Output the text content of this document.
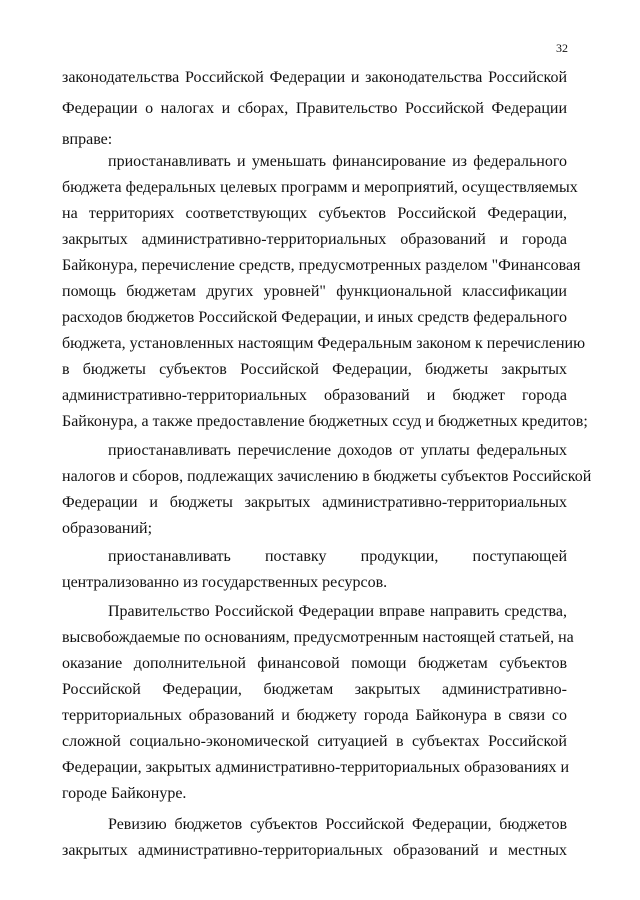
32
законодательства Российской Федерации и законодательства Российской
Федерации о налогах и сборах, Правительство Российской Федерации
вправе:
приостанавливать и уменьшать финансирование из федерального
бюджета федеральных целевых программ и мероприятий, осуществляемых
на территориях соответствующих субъектов Российской Федерации,
закрытых административно-территориальных образований и города
Байконура, перечисление средств, предусмотренных разделом "Финансовая
помощь бюджетам других уровней" функциональной классификации
расходов бюджетов Российской Федерации, и иных средств федерального
бюджета, установленных настоящим Федеральным законом к перечислению
в бюджеты субъектов Российской Федерации, бюджеты закрытых
административно-территориальных образований и бюджет города
Байконура, а также предоставление бюджетных ссуд и бюджетных кредитов;
приостанавливать перечисление доходов от уплаты федеральных
налогов и сборов, подлежащих зачислению в бюджеты субъектов Российской
Федерации и бюджеты закрытых административно-территориальных
образований;
приостанавливать поставку продукции, поступающей
централизованно из государственных ресурсов.
Правительство Российской Федерации вправе направить средства,
высвобождаемые по основаниям, предусмотренным настоящей статьей, на
оказание дополнительной финансовой помощи бюджетам субъектов
Российской Федерации, бюджетам закрытых административно-
территориальных образований и бюджету города Байконура в связи со
сложной социально-экономической ситуацией в субъектах Российской
Федерации, закрытых административно-территориальных образованиях и
городе Байконуре.
Ревизию бюджетов субъектов Российской Федерации, бюджетов
закрытых административно-территориальных образований и местных
